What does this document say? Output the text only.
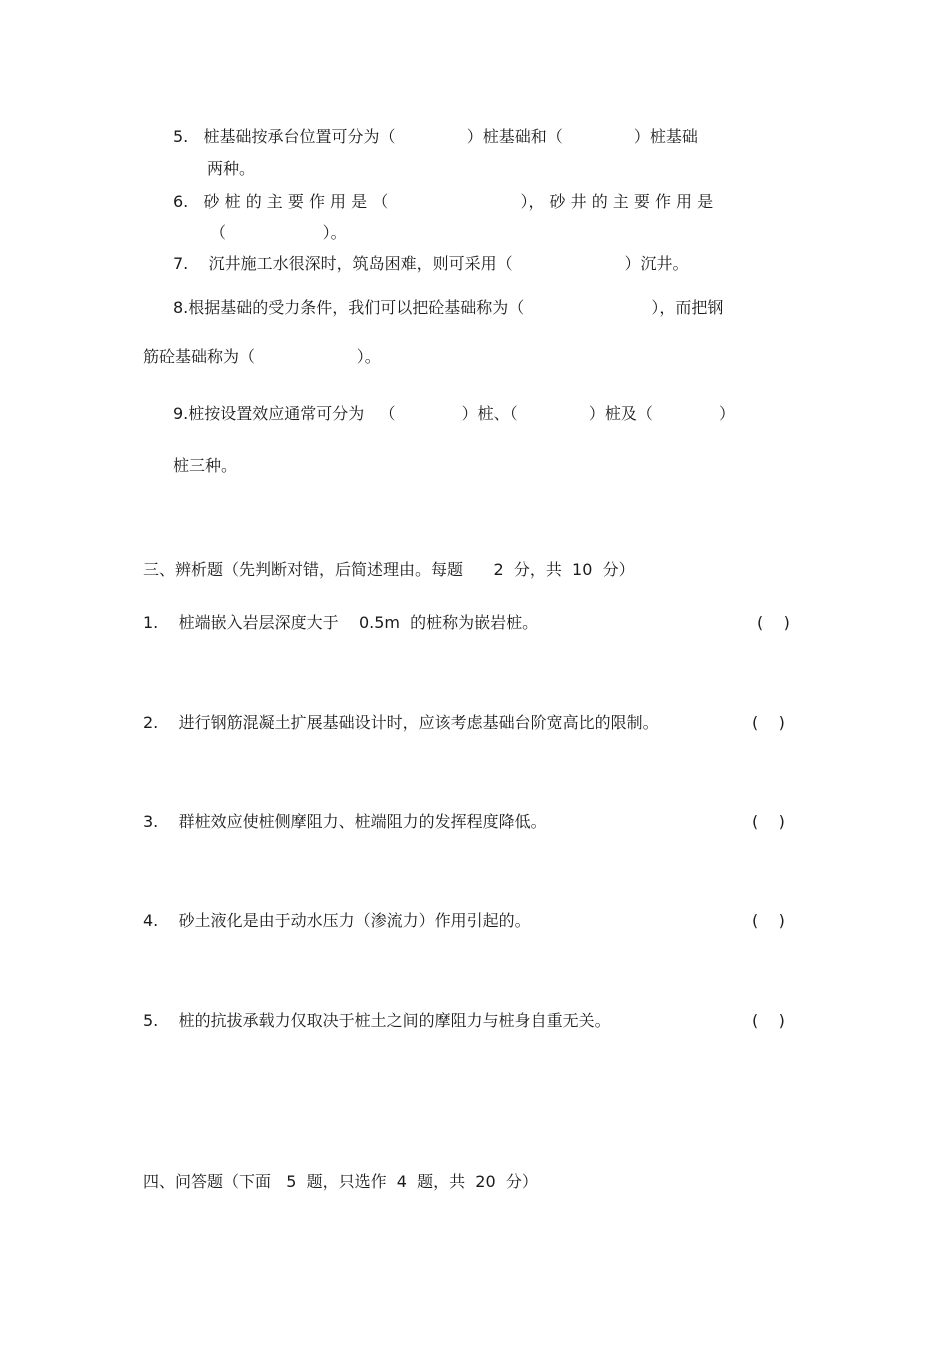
5.   桩基础按承台位置可分为（              ）桩基础和（              ）桩基础
两种。
6.   砂 桩 的 主 要 作 用 是 （                          ）， 砂 井 的 主 要 作 用 是
（                   ）。
7.    沉井施工水很深时，筑岛困难，则可采用（                      ）沉井。
8.根据基础的受力条件，我们可以把砼基础称为（                         ），而把钢
筋砼基础称为（                    ）。
9.桩按设置效应通常可分为   （             ）桩、（              ）桩及（             ）
桩三种。
三、辨析题（先判断对错，后简述理由。每题      2  分，共  10  分）
1.    桩端嵌入岩层深度大于    0.5m  的桩称为嵌岩桩。	(    )
2.    进行钢筋混凝土扩展基础设计时，应该考虑基础台阶宽高比的限制。	(    )
3.    群桩效应使桩侧摩阻力、桩端阻力的发挥程度降低。	(    )
4.    砂土液化是由于动水压力（渗流力）作用引起的。	(    )
5.    桩的抗拔承载力仅取决于桩土之间的摩阻力与桩身自重无关。	(    )
四、问答题（下面   5  题，只选作  4  题，共  20  分）
